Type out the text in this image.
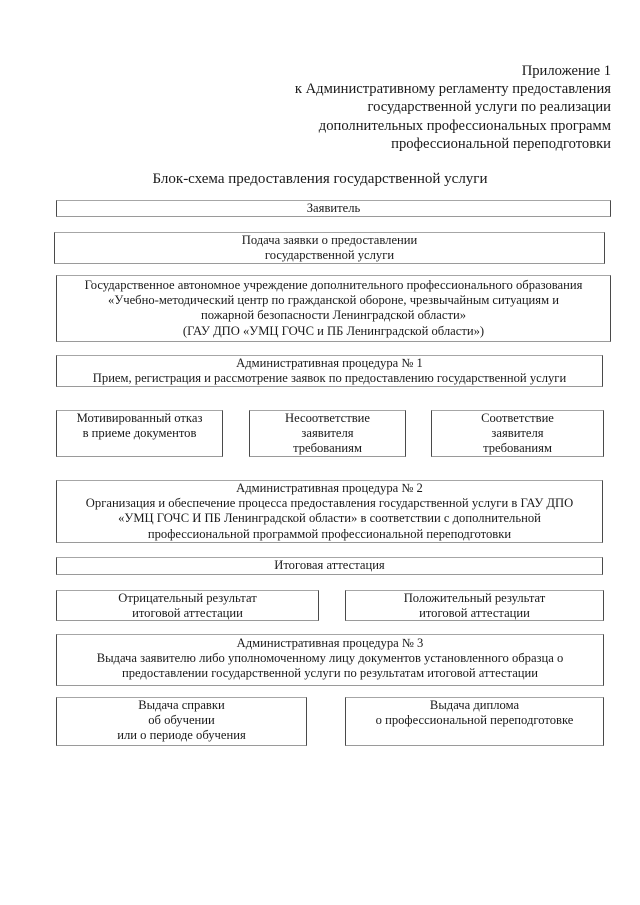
Приложение 1
к Административному регламенту предоставления
государственной услуги по реализации
дополнительных профессиональных программ
профессиональной переподготовки
Блок-схема предоставления государственной услуги
Заявитель
Подача заявки о предоставлении
государственной услуги
Государственное автономное учреждение дополнительного профессионального образования
«Учебно-методический центр по гражданской обороне, чрезвычайным ситуациям и
пожарной безопасности Ленинградской области»
(ГАУ ДПО «УМЦ ГОЧС и ПБ Ленинградской области»)
Административная процедура № 1
Прием, регистрация и рассмотрение заявок по предоставлению государственной услуги
Мотивированный отказ
в приеме документов
Несоответствие
заявителя
требованиям
Соответствие
заявителя
требованиям
Административная процедура № 2
Организация и обеспечение процесса предоставления государственной услуги в ГАУ ДПО
«УМЦ ГОЧС И ПБ Ленинградской области» в соответствии с дополнительной
профессиональной программой профессиональной переподготовки
Итоговая аттестация
Отрицательный результат
итоговой аттестации
Положительный результат
итоговой аттестации
Административная процедура № 3
Выдача заявителю либо уполномоченному лицу документов установленного образца о
предоставлении государственной услуги по результатам итоговой аттестации
Выдача справки
об обучении
или о периоде обучения
Выдача диплома
о профессиональной переподготовке
